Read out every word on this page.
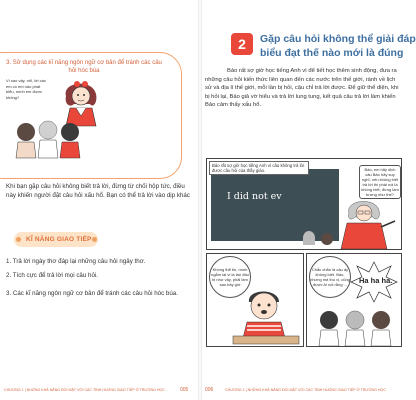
3. Sử dụng các kĩ năng ngôn ngữ cơ bản để tránh các câu hỏi hóc búa
Vì sao vậy, nhỉ, lời các em có em nào phát biểu, mình em được không?
Khi bạn gặp câu hỏi không biết trả lời, đừng từ chối hộp tức, điều này khiến người đặt câu hỏi xấu hổ. Bạn có thể trả lời vào dịp khác
KĨ NĂNG GIAO TIẾP
1. Trả lời ngày thơ đáp lại những câu hỏi ngây thơ.
2. Tích cực để trả lời mọi câu hỏi.
3. Các kĩ năng ngôn ngữ cơ bản để tránh các câu hỏi hóc búa.
CHƯƠNG 1 | NHỮNG KHẢ NĂNG ĐỐI MẶT VỚI CÁC TÌNH HUỐNG GIAO TIẾP Ở TRƯỜNG HỌC	005
2	Gặp câu hỏi không thể giải đáp
biểu đạt thế nào mới là đúng
Bảo rất sợ giờ học tiếng Anh vì để tiết học thêm sinh động, đưa ra những câu hỏi kiến thức liên quan đến các nước trên thế giới, rành về lịch sử và địa lí thế giới, mỗi lần bị hỏi, cậu chỉ trả lời được. Để giữ thể diện, khi bị hỏi lại, Bảo giả vờ hiểu và trả lời lung tung, kết quả câu trả lời làm khiến Bảo cảm thấy xấu hổ.
I did not ev
Bảo rất sợ giờ học tiếng Anh vì câu không trả lời được câu hỏi của thầy giáo.	Bảo, em hãy dịch câu Bảo hãy suy nghĩ, nếu không biết trả lời thì phải nói là không biết, đừng làm tương như thế?
Không thể tin, mình ngẫm lại vì là lần đầu bị như vậy, phải làm sao bây giờ
Chắc chắn là cậu ấy không biết. Bảo, nhưng mà thú vị, cũng được Ai nói rằng ...	Ha ha ha.
006	CHƯƠNG 1 | NHỮNG KHẢ NĂNG ĐỐI MẶT VỚI CÁC TÌNH HUỐNG GIAO TIẾP Ở TRƯỜNG HỌC
